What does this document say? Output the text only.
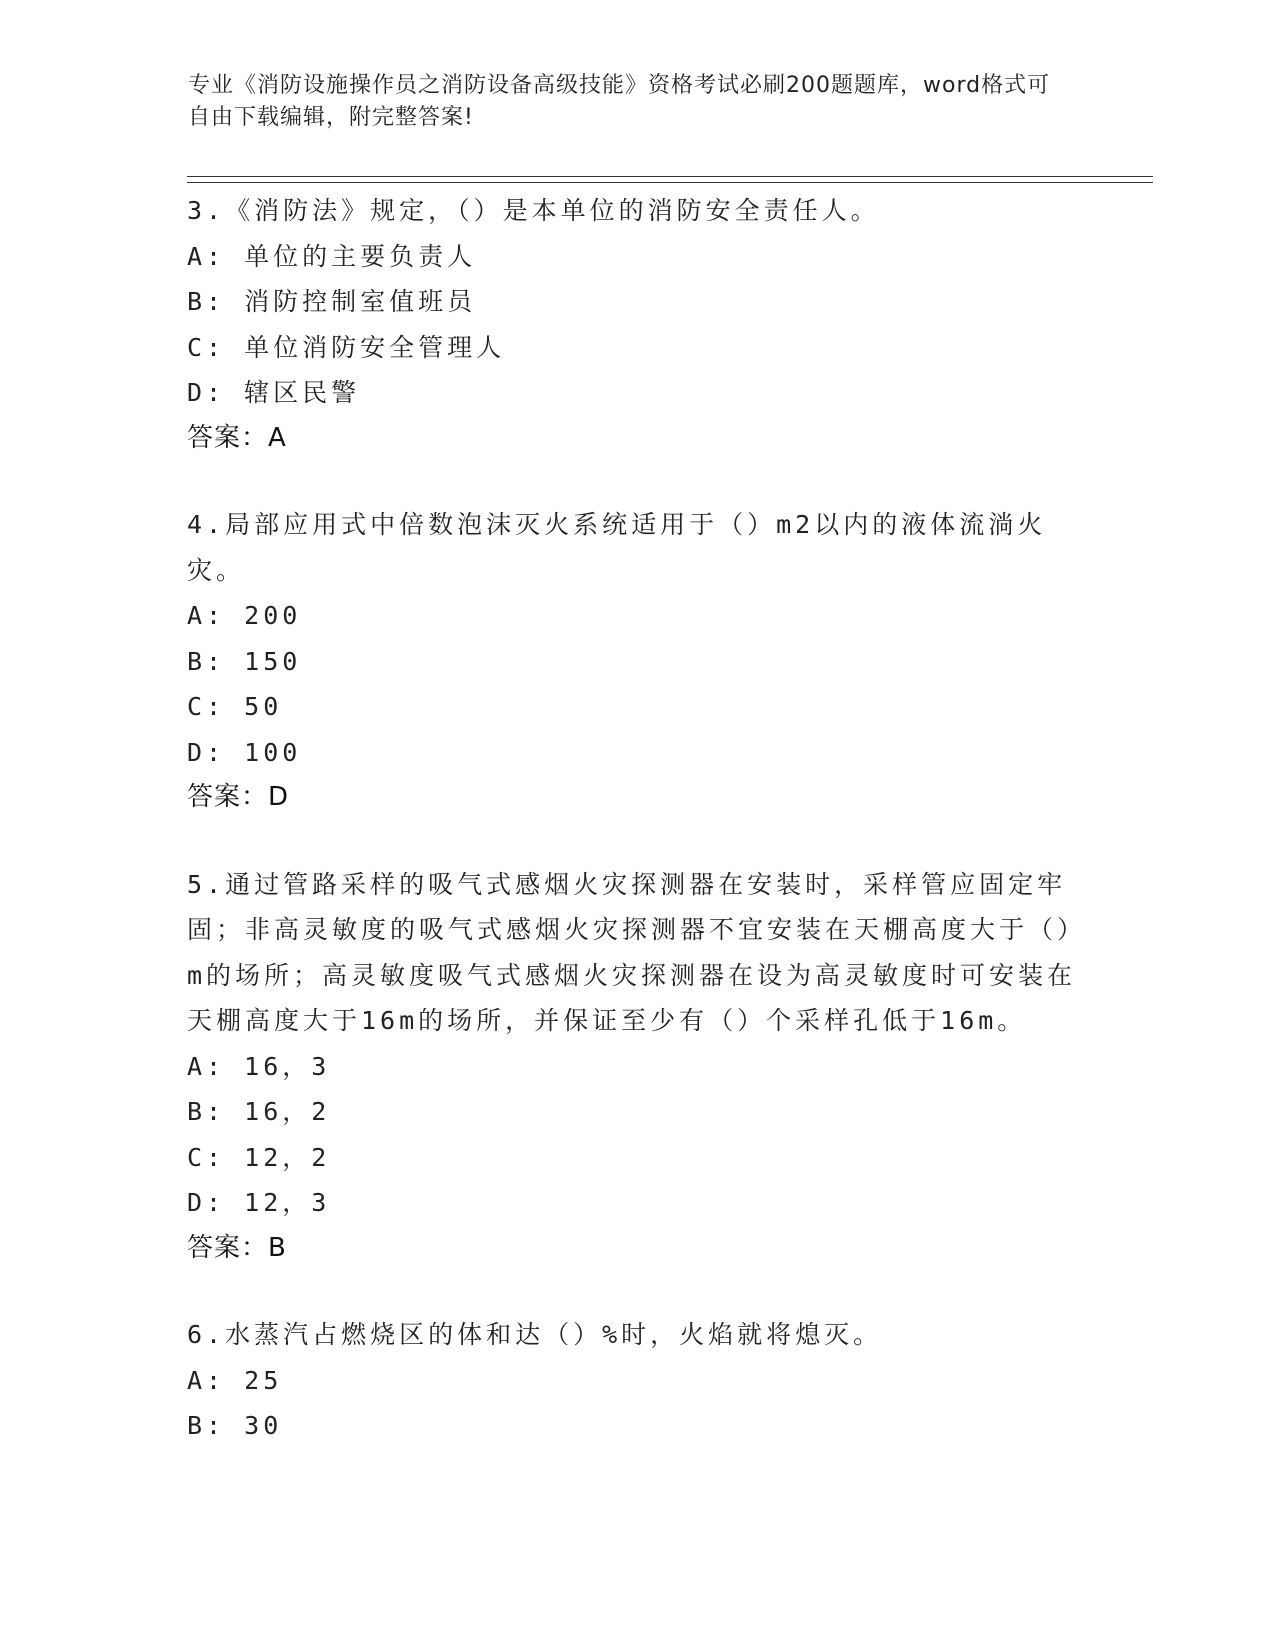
专业《消防设施操作员之消防设备高级技能》资格考试必刷200题题库，word格式可自由下载编辑，附完整答案!

3.《消防法》规定，（）是本单位的消防安全责任人。

A: 单位的主要负责人
B: 消防控制室值班员
C: 单位消防安全管理人
D: 辖区民警
答案：A

4.局部应用式中倍数泡沫灭火系统适用于（）m2以内的液体流淌火灾。

A: 200
B: 150
C: 50
D: 100
答案：D

5.通过管路采样的吸气式感烟火灾探测器在安装时，采样管应固定牢固；非高灵敏度的吸气式感烟火灾探测器不宜安装在天棚高度大于（）m的场所；高灵敏度吸气式感烟火灾探测器在设为高灵敏度时可安装在天棚高度大于16m的场所，并保证至少有（）个采样孔低于16m。

A: 16，3
B: 16，2
C: 12，2
D: 12，3
答案：B

6.水蒸汽占燃烧区的体和达（）%时，火焰就将熄灭。

A: 25
B: 30
